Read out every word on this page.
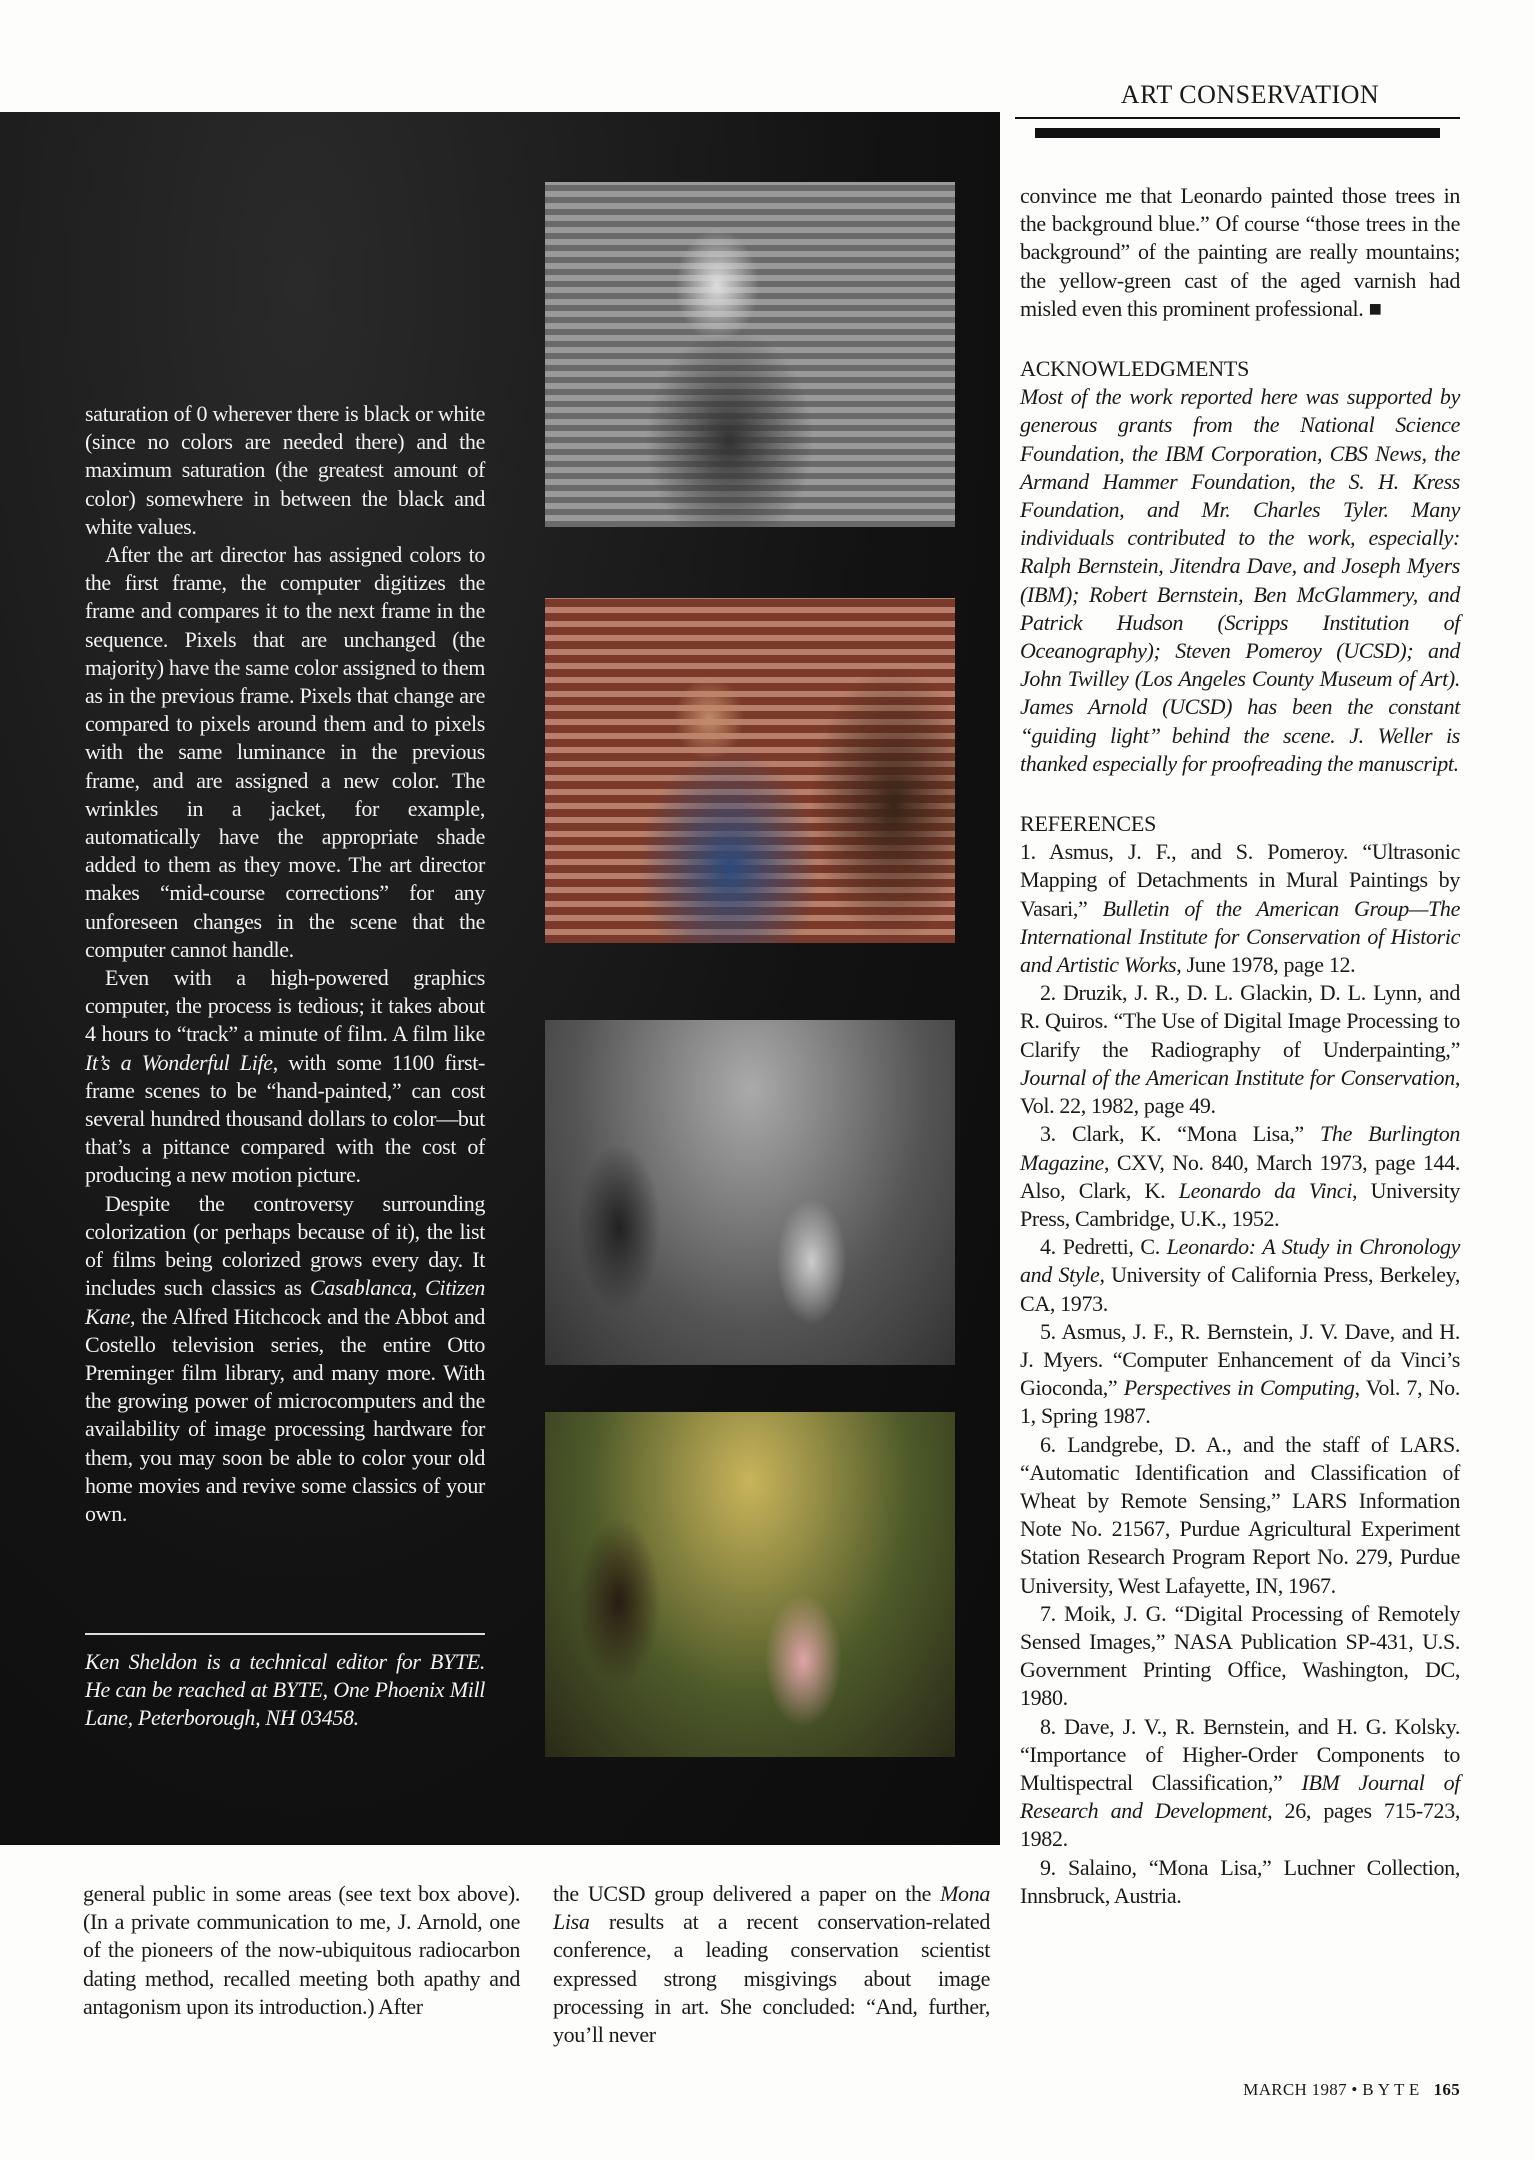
ART CONSERVATION

saturation of 0 wherever there is black or white (since no colors are needed there) and the maximum saturation (the greatest amount of color) somewhere in between the black and white values.

After the art director has assigned colors to the first frame, the computer digitizes the frame and compares it to the next frame in the sequence. Pixels that are unchanged (the majority) have the same color assigned to them as in the previous frame. Pixels that change are compared to pixels around them and to pixels with the same luminance in the previous frame, and are assigned a new color. The wrinkles in a jacket, for example, automatically have the appropriate shade added to them as they move. The art director makes “mid-course corrections” for any unforeseen changes in the scene that the computer cannot handle.

Even with a high-powered graphics computer, the process is tedious; it takes about 4 hours to “track” a minute of film. A film like It’s a Wonderful Life, with some 1100 first-frame scenes to be “hand-painted,” can cost several hundred thousand dollars to color—but that’s a pittance compared with the cost of producing a new motion picture.

Despite the controversy surrounding colorization (or perhaps because of it), the list of films being colorized grows every day. It includes such classics as Casablanca, Citizen Kane, the Alfred Hitchcock and the Abbot and Costello television series, the entire Otto Preminger film library, and many more. With the growing power of microcomputers and the availability of image processing hardware for them, you may soon be able to color your old home movies and revive some classics of your own.

Ken Sheldon is a technical editor for BYTE. He can be reached at BYTE, One Phoenix Mill Lane, Peterborough, NH 03458.

general public in some areas (see text box above). (In a private communication to me, J. Arnold, one of the pioneers of the now-ubiquitous radiocarbon dating method, recalled meeting both apathy and antagonism upon its introduction.) After

the UCSD group delivered a paper on the Mona Lisa results at a recent conservation-related conference, a leading conservation scientist expressed strong misgivings about image processing in art. She concluded: “And, further, you’ll never

convince me that Leonardo painted those trees in the background blue.” Of course “those trees in the background” of the painting are really mountains; the yellow-green cast of the aged varnish had misled even this prominent professional. ■

ACKNOWLEDGMENTS

Most of the work reported here was supported by generous grants from the National Science Foundation, the IBM Corporation, CBS News, the Armand Hammer Foundation, the S. H. Kress Foundation, and Mr. Charles Tyler. Many individuals contributed to the work, especially: Ralph Bernstein, Jitendra Dave, and Joseph Myers (IBM); Robert Bernstein, Ben McGlammery, and Patrick Hudson (Scripps Institution of Oceanography); Steven Pomeroy (UCSD); and John Twilley (Los Angeles County Museum of Art). James Arnold (UCSD) has been the constant ‘‘guiding light’’ behind the scene. J. Weller is thanked especially for proofreading the manuscript.

REFERENCES

1. Asmus, J. F., and S. Pomeroy. “Ultrasonic Mapping of Detachments in Mural Paintings by Vasari,” Bulletin of the American Group—The International Institute for Conservation of Historic and Artistic Works, June 1978, page 12.

2. Druzik, J. R., D. L. Glackin, D. L. Lynn, and R. Quiros. “The Use of Digital Image Processing to Clarify the Radiography of Underpainting,” Journal of the American Institute for Conservation, Vol. 22, 1982, page 49.

3. Clark, K. “Mona Lisa,” The Burlington Magazine, CXV, No. 840, March 1973, page 144. Also, Clark, K. Leonardo da Vinci, University Press, Cambridge, U.K., 1952.

4. Pedretti, C. Leonardo: A Study in Chronology and Style, University of California Press, Berkeley, CA, 1973.

5. Asmus, J. F., R. Bernstein, J. V. Dave, and H. J. Myers. “Computer Enhancement of da Vinci’s Gioconda,” Perspectives in Computing, Vol. 7, No. 1, Spring 1987.

6. Landgrebe, D. A., and the staff of LARS. “Automatic Identification and Classification of Wheat by Remote Sensing,” LARS Information Note No. 21567, Purdue Agricultural Experiment Station Research Program Report No. 279, Purdue University, West Lafayette, IN, 1967.

7. Moik, J. G. “Digital Processing of Remotely Sensed Images,” NASA Publication SP-431, U.S. Government Printing Office, Washington, DC, 1980.

8. Dave, J. V., R. Bernstein, and H. G. Kolsky. “Importance of Higher-Order Components to Multispectral Classification,” IBM Journal of Research and Development, 26, pages 715-723, 1982.

9. Salaino, “Mona Lisa,” Luchner Collection, Innsbruck, Austria.

MARCH 1987 • B Y T E 165
